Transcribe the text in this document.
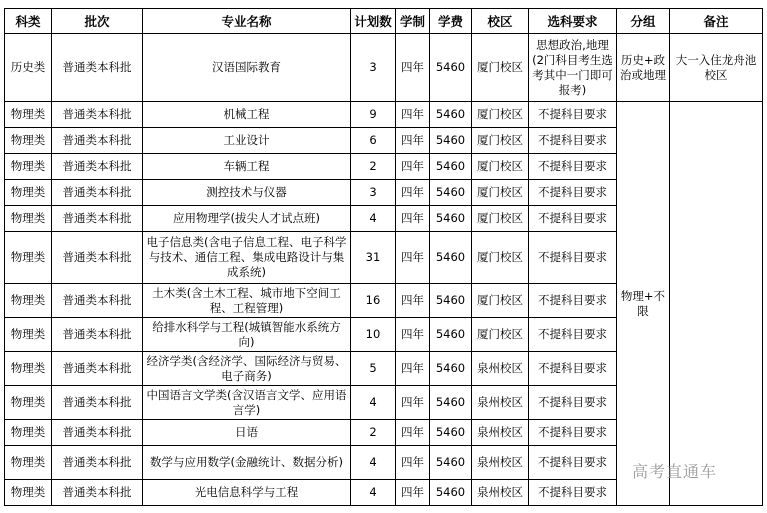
科类	批次	专业名称	计划数	学制	学费	校区	选科要求	分组	备注
历史类	普通类本科批	汉语国际教育	3	四年	5460	厦门校区	思想政治,地理(2门科目考生选考其中一门即可报考)	历史+政治或地理	大一入住龙舟池校区
物理类	普通类本科批	机械工程	9	四年	5460	厦门校区	不提科目要求	物理+不限	
物理类	普通类本科批	工业设计	6	四年	5460	厦门校区	不提科目要求		
物理类	普通类本科批	车辆工程	2	四年	5460	厦门校区	不提科目要求		
物理类	普通类本科批	测控技术与仪器	3	四年	5460	厦门校区	不提科目要求		
物理类	普通类本科批	应用物理学(拔尖人才试点班)	4	四年	5460	厦门校区	不提科目要求		
物理类	普通类本科批	电子信息类(含电子信息工程、电子科学与技术、通信工程、集成电路设计与集成系统)	31	四年	5460	厦门校区	不提科目要求		
物理类	普通类本科批	土木类(含土木工程、城市地下空间工程、工程管理)	16	四年	5460	厦门校区	不提科目要求		
物理类	普通类本科批	给排水科学与工程(城镇智能水系统方向)	10	四年	5460	厦门校区	不提科目要求		
物理类	普通类本科批	经济学类(含经济学、国际经济与贸易、电子商务)	5	四年	5460	泉州校区	不提科目要求		
物理类	普通类本科批	中国语言文学类(含汉语言文学、应用语言学)	4	四年	5460	泉州校区	不提科目要求		
物理类	普通类本科批	日语	2	四年	5460	泉州校区	不提科目要求		
物理类	普通类本科批	数学与应用数学(金融统计、数据分析)	4	四年	5460	泉州校区	不提科目要求		
物理类	普通类本科批	光电信息科学与工程	4	四年	5460	泉州校区	不提科目要求		
高考直通车
